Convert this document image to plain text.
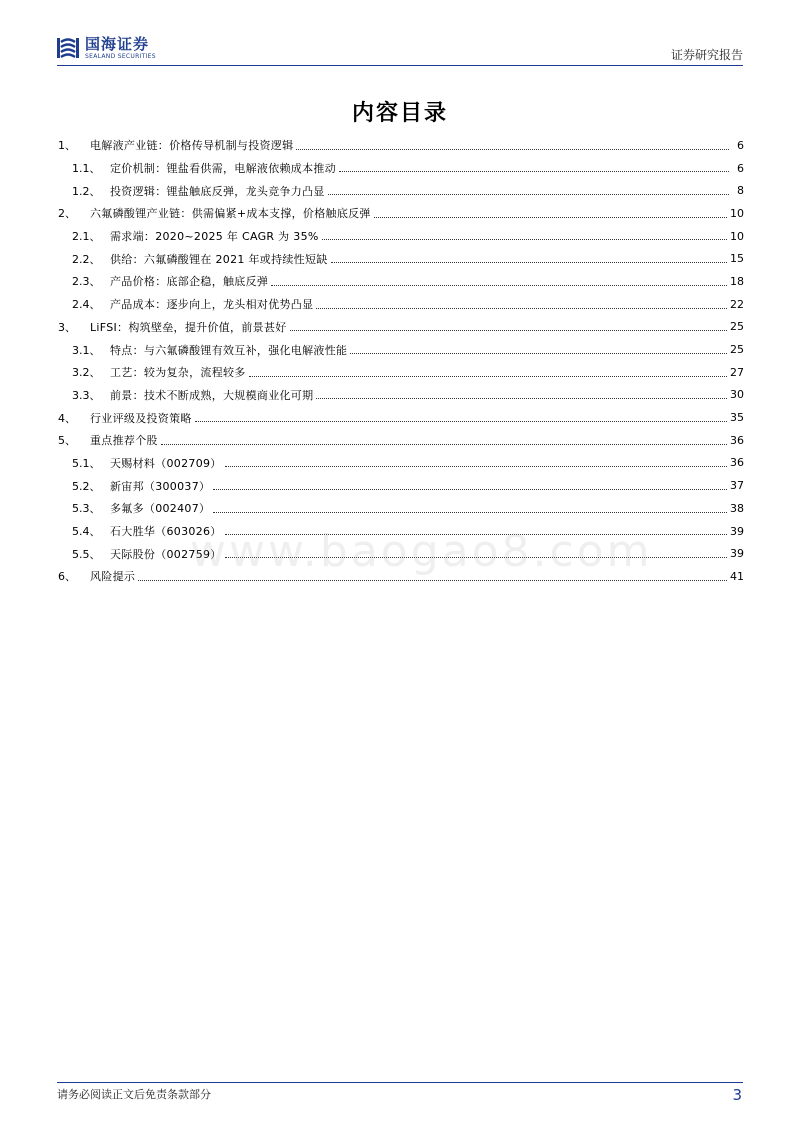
国海证券
SEALAND SECURITIES	证券研究报告
内容目录
1、	电解液产业链：价格传导机制与投资逻辑	6
1.1、 定价机制：锂盐看供需，电解液依赖成本推动	6
1.2、 投资逻辑：锂盐触底反弹，龙头竞争力凸显	8
2、	六氟磷酸锂产业链：供需偏紧+成本支撑，价格触底反弹	10
2.1、 需求端：2020~2025 年 CAGR 为 35%	10
2.2、 供给：六氟磷酸锂在 2021 年或持续性短缺	15
2.3、 产品价格：底部企稳，触底反弹	18
2.4、 产品成本：逐步向上，龙头相对优势凸显	22
3、	LiFSI：构筑壁垒，提升价值，前景甚好	25
3.1、 特点：与六氟磷酸锂有效互补，强化电解液性能	25
3.2、 工艺：较为复杂，流程较多	27
3.3、 前景：技术不断成熟，大规模商业化可期	30
4、	行业评级及投资策略	35
5、	重点推荐个股	36
5.1、 天赐材料（002709）	36
5.2、 新宙邦（300037）	37
5.3、 多氟多（002407）	38
5.4、 石大胜华（603026）	39
5.5、 天际股份（002759）	39
6、	风险提示	41
www.baogao8.com
请务必阅读正文后免责条款部分	3
